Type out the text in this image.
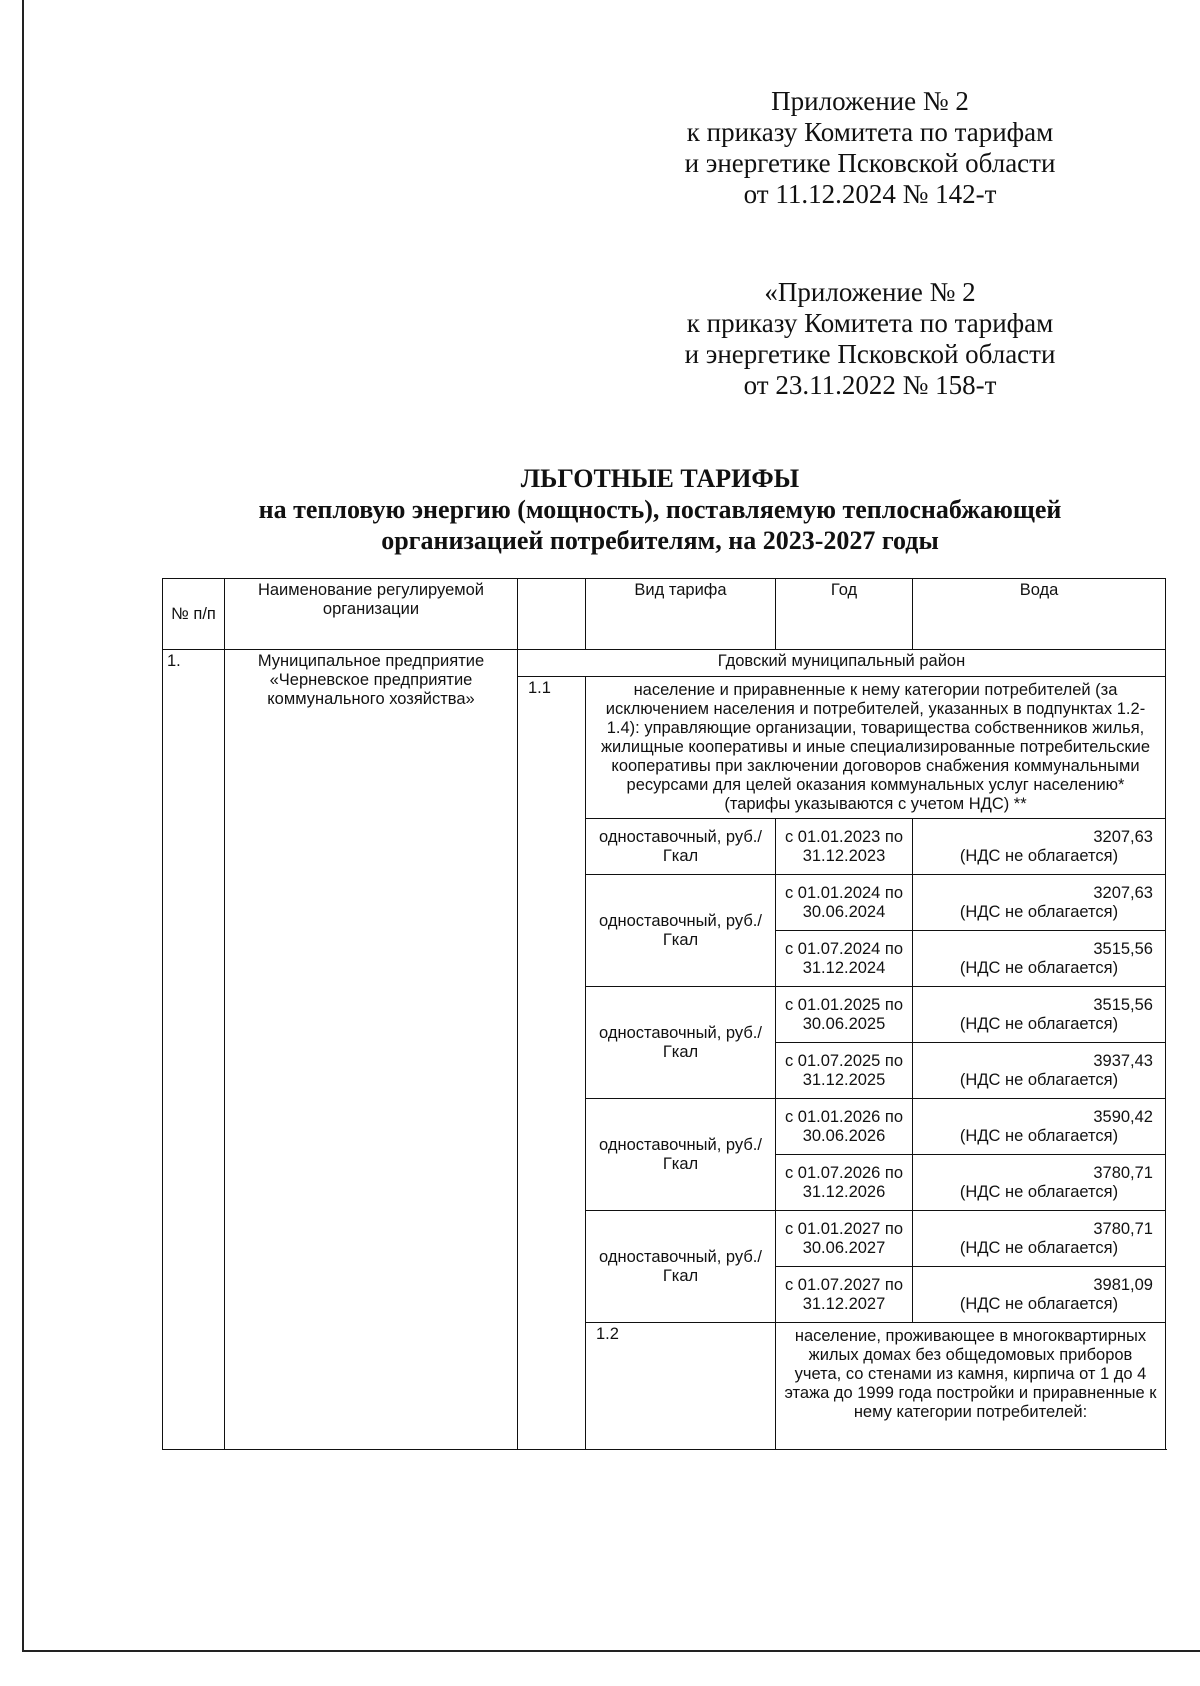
Приложение № 2
к приказу Комитета по тарифам
и энергетике Псковской области
от 11.12.2024 № 142-т
«Приложение № 2
к приказу Комитета по тарифам
и энергетике Псковской области
от 23.11.2022 № 158-т
ЛЬГОТНЫЕ ТАРИФЫ
на тепловую энергию (мощность), поставляемую теплоснабжающей
организацией потребителям, на 2023-2027 годы
№ п/п	Наименование регулируемой организации		Вид тарифа	Год	Вода
1.	Муниципальное предприятие «Черневское предприятие коммунального хозяйства»	Гдовский муниципальный район			
		1.1	население и приравненные к нему категории потребителей (за исключением населения и потребителей, указанных в подпунктах 1.2-1.4): управляющие организации, товарищества собственников жилья, жилищные кооперативы и иные специализированные потребительские кооперативы при заключении договоров снабжения коммунальными ресурсами для целей оказания коммунальных услуг населению* (тарифы указываются с учетом НДС) **		
			одноставочный, руб./Гкал	с 01.01.2023 по 31.12.2023	3207,63
(НДС не облагается)

			одноставочный, руб./Гкал	с 01.01.2024 по 30.06.2024	3207,63
(НДС не облагается)

				с 01.07.2024 по 31.12.2024	3515,56
(НДС не облагается)

			одноставочный, руб./Гкал	с 01.01.2025 по 30.06.2025	3515,56
(НДС не облагается)

				с 01.07.2025 по 31.12.2025	3937,43
(НДС не облагается)

			одноставочный, руб./Гкал	с 01.01.2026 по 30.06.2026	3590,42
(НДС не облагается)

				с 01.07.2026 по 31.12.2026	3780,71
(НДС не облагается)

			одноставочный, руб./Гкал	с 01.01.2027 по 30.06.2027	3780,71
(НДС не облагается)

				с 01.07.2027 по 31.12.2027	3981,09
(НДС не облагается)

			1.2	население, проживающее в многоквартирных жилых домах без общедомовых приборов учета, со стенами из камня, кирпича от 1 до 4 этажа до 1999 года постройки и приравненные к нему категории потребителей:	
